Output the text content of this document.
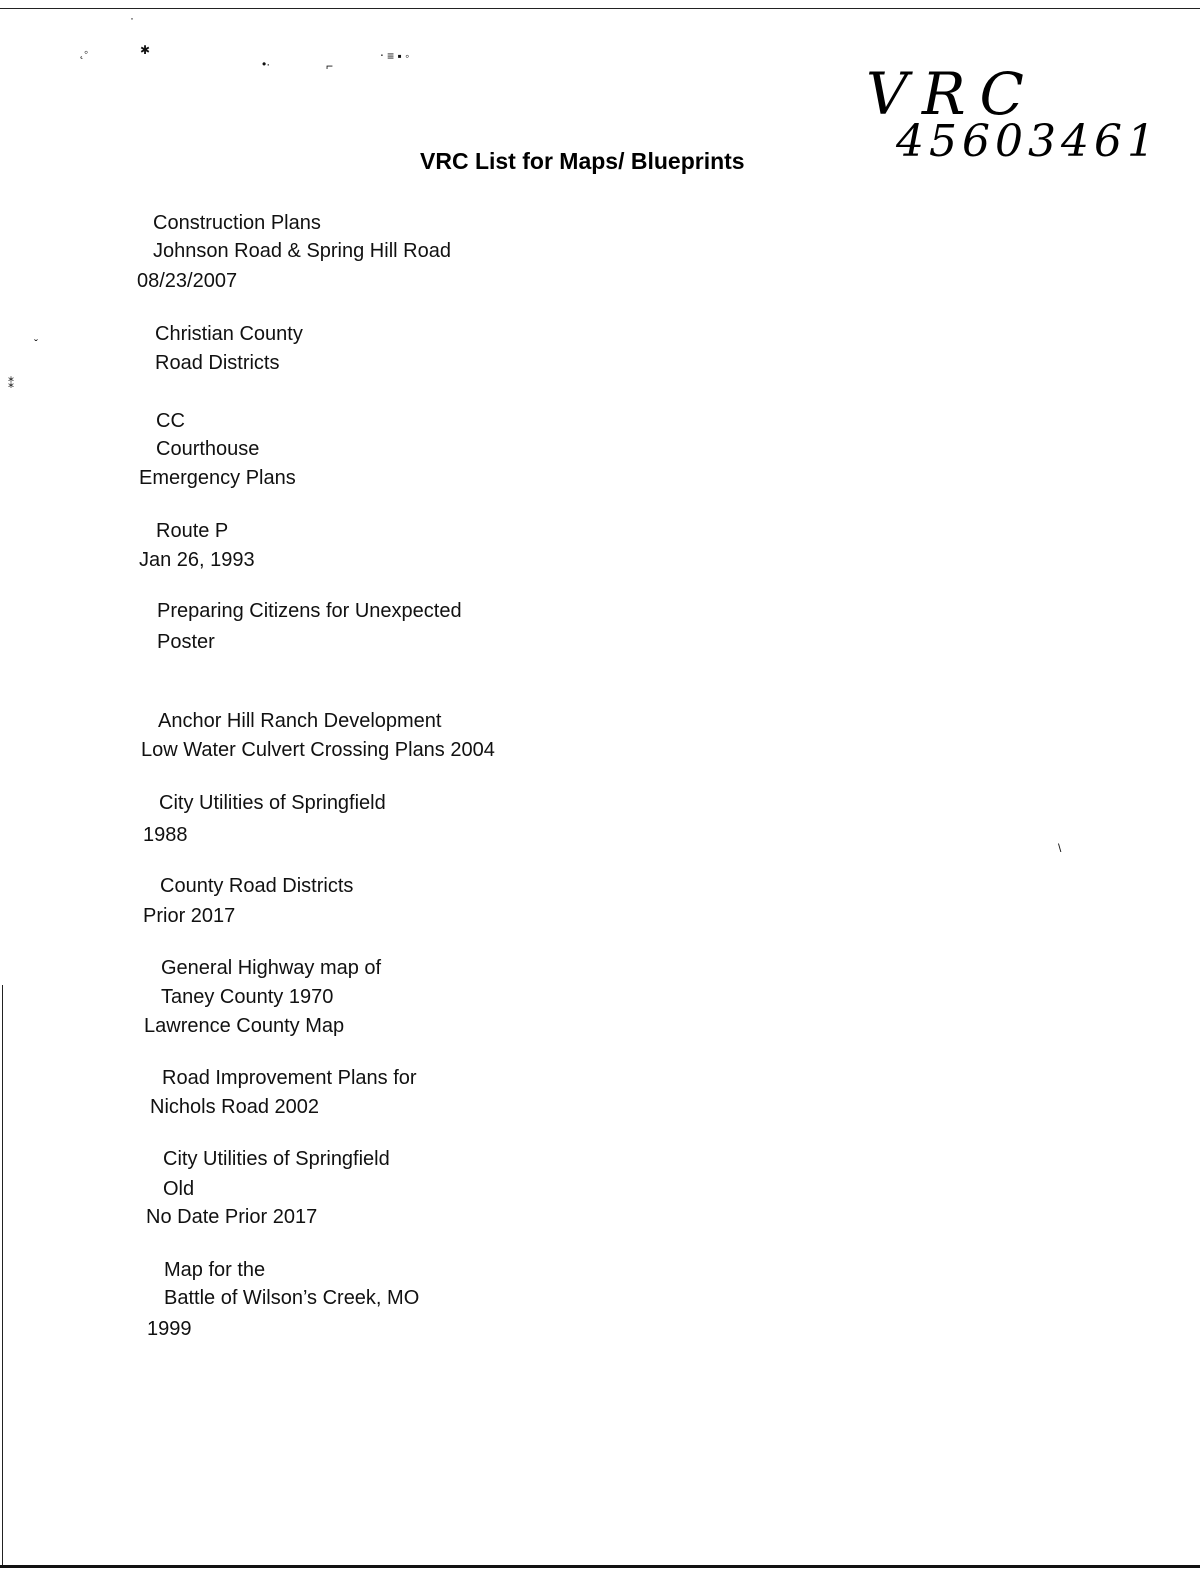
·
˛◦	✱
•·	⌐
‧ ≡ ▪ ◦
ˇ
⁑
\
VRC
45603461
VRC List for Maps/ Blueprints
Construction Plans
Johnson Road & Spring Hill Road
08/23/2007
Christian County
Road Districts
CC
Courthouse
Emergency Plans
Route P
Jan 26, 1993
Preparing Citizens for Unexpected
Poster
Anchor Hill Ranch Development
Low Water Culvert Crossing Plans 2004
City Utilities of Springfield
1988
County Road Districts
Prior 2017
General Highway map of
Taney County 1970
Lawrence County Map
Road Improvement Plans for
Nichols Road 2002
City Utilities of Springfield
Old
No Date Prior 2017
Map for the
Battle of Wilson’s Creek, MO
1999
